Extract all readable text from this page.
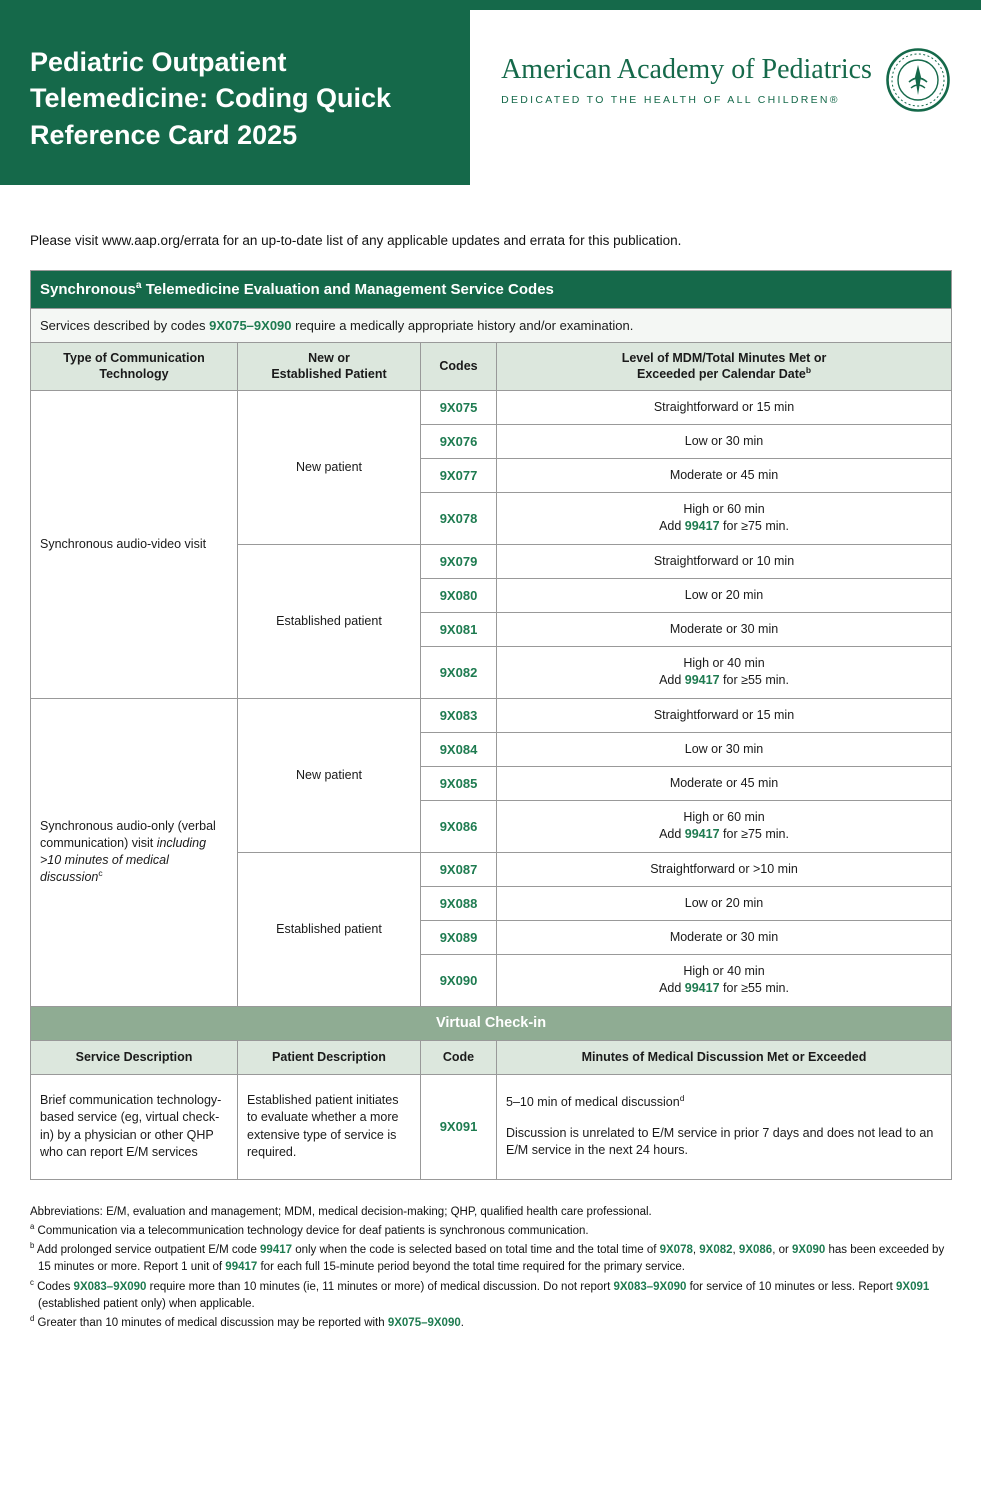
Pediatric Outpatient Telemedicine: Coding Quick Reference Card 2025
American Academy of Pediatrics
DEDICATED TO THE HEALTH OF ALL CHILDREN®

Please visit www.aap.org/errata for an up-to-date list of any applicable updates and errata for this publication.

Synchronous$^a$ Telemedicine Evaluation and Management Service Codes			
Services described by codes 9X075–9X090 require a medically appropriate history and/or examination.			
Type of Communication
Technology	New or
Established Patient	Codes	Level of MDM/Total Minutes Met or
Exceeded per Calendar Date$^b$
Synchronous audio-video visit	New patient	9X075	Straightforward or 15 min
		9X076	Low or 30 min
		9X077	Moderate or 45 min
		9X078	High or 60 min
Add 99417 for ≥75 min.
	Established patient	9X079	Straightforward or 10 min
		9X080	Low or 20 min
		9X081	Moderate or 30 min
		9X082	High or 40 min
Add 99417 for ≥55 min.
Synchronous audio-only (verbal communication) visit including >10 minutes of medical discussion$^c$	New patient	9X083	Straightforward or 15 min
		9X084	Low or 30 min
		9X085	Moderate or 45 min
		9X086	High or 60 min
Add 99417 for ≥75 min.
	Established patient	9X087	Straightforward or >10 min
		9X088	Low or 20 min
		9X089	Moderate or 30 min
		9X090	High or 40 min
Add 99417 for ≥55 min.
Virtual Check-in			
Service Description	Patient Description	Code	Minutes of Medical Discussion Met or Exceeded
Brief communication technology-based service (eg, virtual check-in) by a physician or other QHP who can report E/M services	Established patient initiates to evaluate whether a more extensive type of service is required.	9X091	5–10 min of medical discussion$^d$
Discussion is unrelated to E/M service in prior 7 days and does not lead to an E/M service in the next 24 hours.

Abbreviations: E/M, evaluation and management; MDM, medical decision-making; QHP, qualified health care professional.

$^a$ Communication via a telecommunication technology device for deaf patients is synchronous communication.

$^b$ Add prolonged service outpatient E/M code 99417 only when the code is selected based on total time and the total time of 9X078, 9X082, 9X086, or 9X090 has been exceeded by 15 minutes or more. Report 1 unit of 99417 for each full 15-minute period beyond the total time required for the primary service.

$^c$ Codes 9X083–9X090 require more than 10 minutes (ie, 11 minutes or more) of medical discussion. Do not report 9X083–9X090 for service of 10 minutes or less. Report 9X091 (established patient only) when applicable.

$^d$ Greater than 10 minutes of medical discussion may be reported with 9X075–9X090.
